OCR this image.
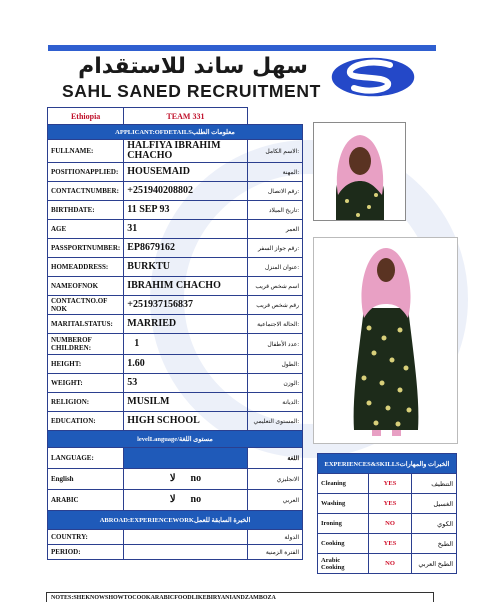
سهل ساند للاستقدام
SAHL SANED RECRUITMENT
Ethiopia	TEAM 331	
APPLICANT:OFDETAILSمعلومات الطلب		
FULLNAME:	HALFIYA IBRAHIM CHACHO	الاسم الكامل:
POSITIONAPPLIED:	HOUSEMAID	المهنة:
CONTACTNUMBER:	+251940208802	رقم الاتصال:
BIRTHDATE:	11 SEP 93	تاريخ الميلاد:
AGE	31	العمر
PASSPORTNUMBER:	EP8679162	رقم جواز السفر:
HOMEADDRESS:	BURKTU	عنوان المنزل:
NAMEOFNOK	IBRAHIM CHACHO	اسم شخص قريب
CONTACTNO.OF NOK	+251937156837	رقم شخص قريب
MARITALSTATUS:	MARRIED	الحالة الاجتماعية:
NUMBEROF CHILDREN:	1	عدد الأطفال:
HEIGHT:	1.60	الطول:
WEIGHT:	53	الوزن:
RELIGION:	MUSILM	الديانة:
EDUCATION:	HIGH SCHOOL	المستوى التعليمي:
levelLanguage/مستوى اللغة		
LANGUAGE:		اللغة
English	لا no	الانجليزي
ARABIC	لا no	العربي
ABROAD:EXPERIENCEWORKالخبرة السابقة للعمل		
COUNTRY:		الدولة
PERIOD:		الفترة الزمنية
EXPERIENCES&SKILLSالخبرات والمهارات		
Cleaning	YES	التنظيف
Washing	YES	الغسيل
Ironing	NO	الكوي
Cooking	YES	الطبخ
Arabic Cooking	NO	الطبخ العربي
NOTES:SHEKNOWSHOWTOCOOKARABICFOODLIKEBIRYANIANDZAMBOZA
